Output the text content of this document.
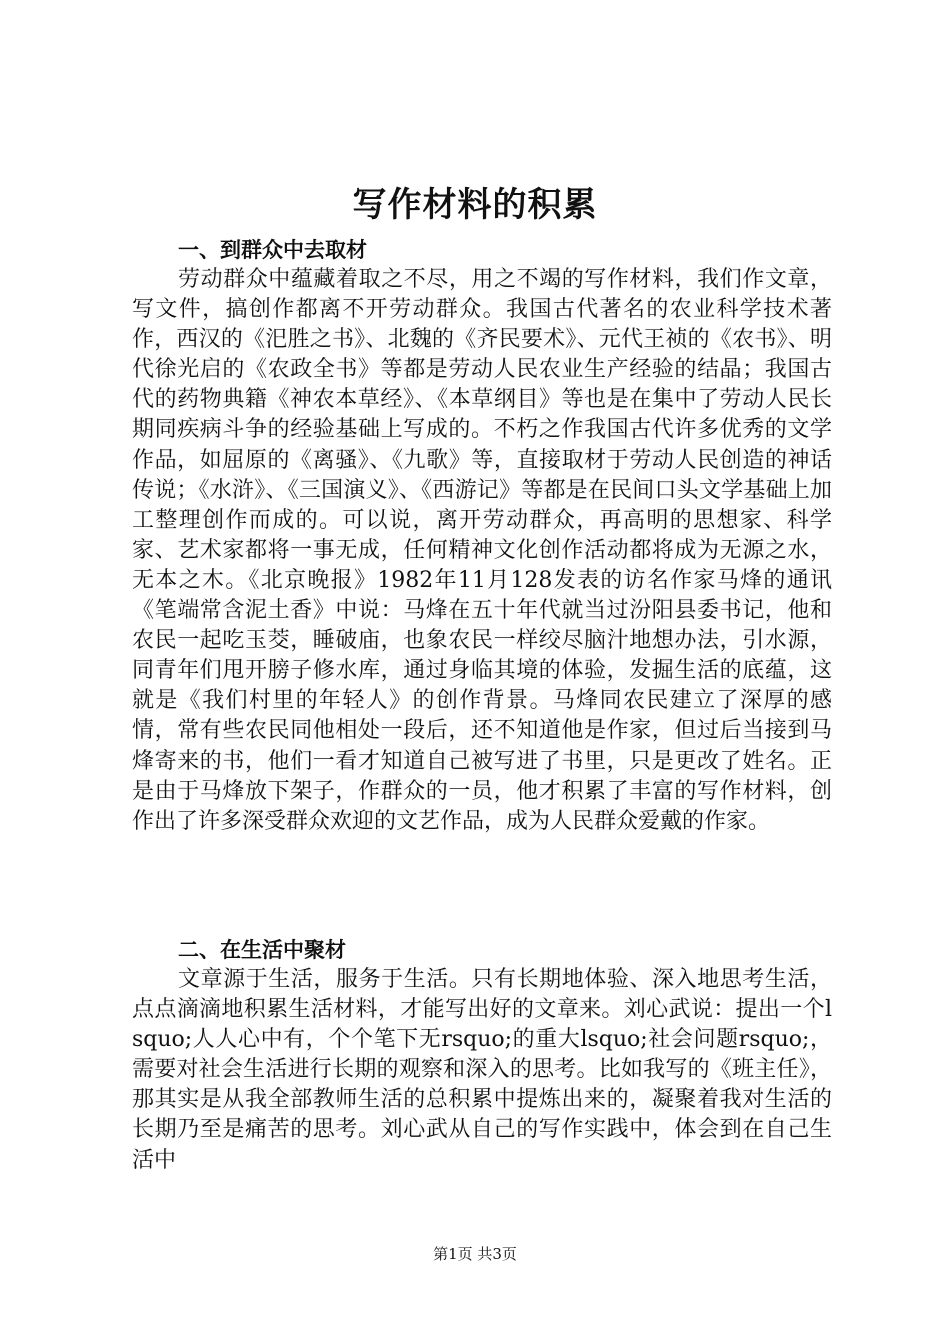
写作材料的积累
一、到群众中去取材

劳动群众中蕴藏着取之不尽，用之不竭的写作材料，我们作文章，写文件，搞创作都离不开劳动群众。我国古代著名的农业科学技术著作，西汉的《汜胜之书》、北魏的《齐民要术》、元代王祯的《农书》、明代徐光启的《农政全书》等都是劳动人民农业生产经验的结晶；我国古代的药物典籍《神农本草经》、《本草纲目》等也是在集中了劳动人民长期同疾病斗争的经验基础上写成的。不朽之作我国古代许多优秀的文学作品，如屈原的《离骚》、《九歌》等，直接取材于劳动人民创造的神话传说；《水浒》、《三国演义》、《西游记》等都是在民间口头文学基础上加工整理创作而成的。可以说，离开劳动群众，再高明的思想家、科学家、艺术家都将一事无成，任何精神文化创作活动都将成为无源之水，无本之木。《北京晚报》1982年11月128发表的访名作家马烽的通讯《笔端常含泥土香》中说：马烽在五十年代就当过汾阳县委书记，他和农民一起吃玉茭，睡破庙，也象农民一样绞尽脑汁地想办法，引水源，同青年们甩开膀子修水库，通过身临其境的体验，发掘生活的底蕴，这就是《我们村里的年轻人》的创作背景。马烽同农民建立了深厚的感情，常有些农民同他相处一段后，还不知道他是作家，但过后当接到马烽寄来的书，他们一看才知道自己被写进了书里，只是更改了姓名。正是由于马烽放下架子，作群众的一员，他才积累了丰富的写作材料，创作出了许多深受群众欢迎的文艺作品，成为人民群众爱戴的作家。

二、在生活中聚材

文章源于生活，服务于生活。只有长期地体验、深入地思考生活，点点滴滴地积累生活材料，才能写出好的文章来。刘心武说：提出一个lsquo;人人心中有，个个笔下无rsquo;的重大lsquo;社会问题rsquo;，需要对社会生活进行长期的观察和深入的思考。比如我写的《班主任》，那其实是从我全部教师生活的总积累中提炼出来的，凝聚着我对生活的长期乃至是痛苦的思考。刘心武从自己的写作实践中，体会到在自己生活中

第1页 共3页
